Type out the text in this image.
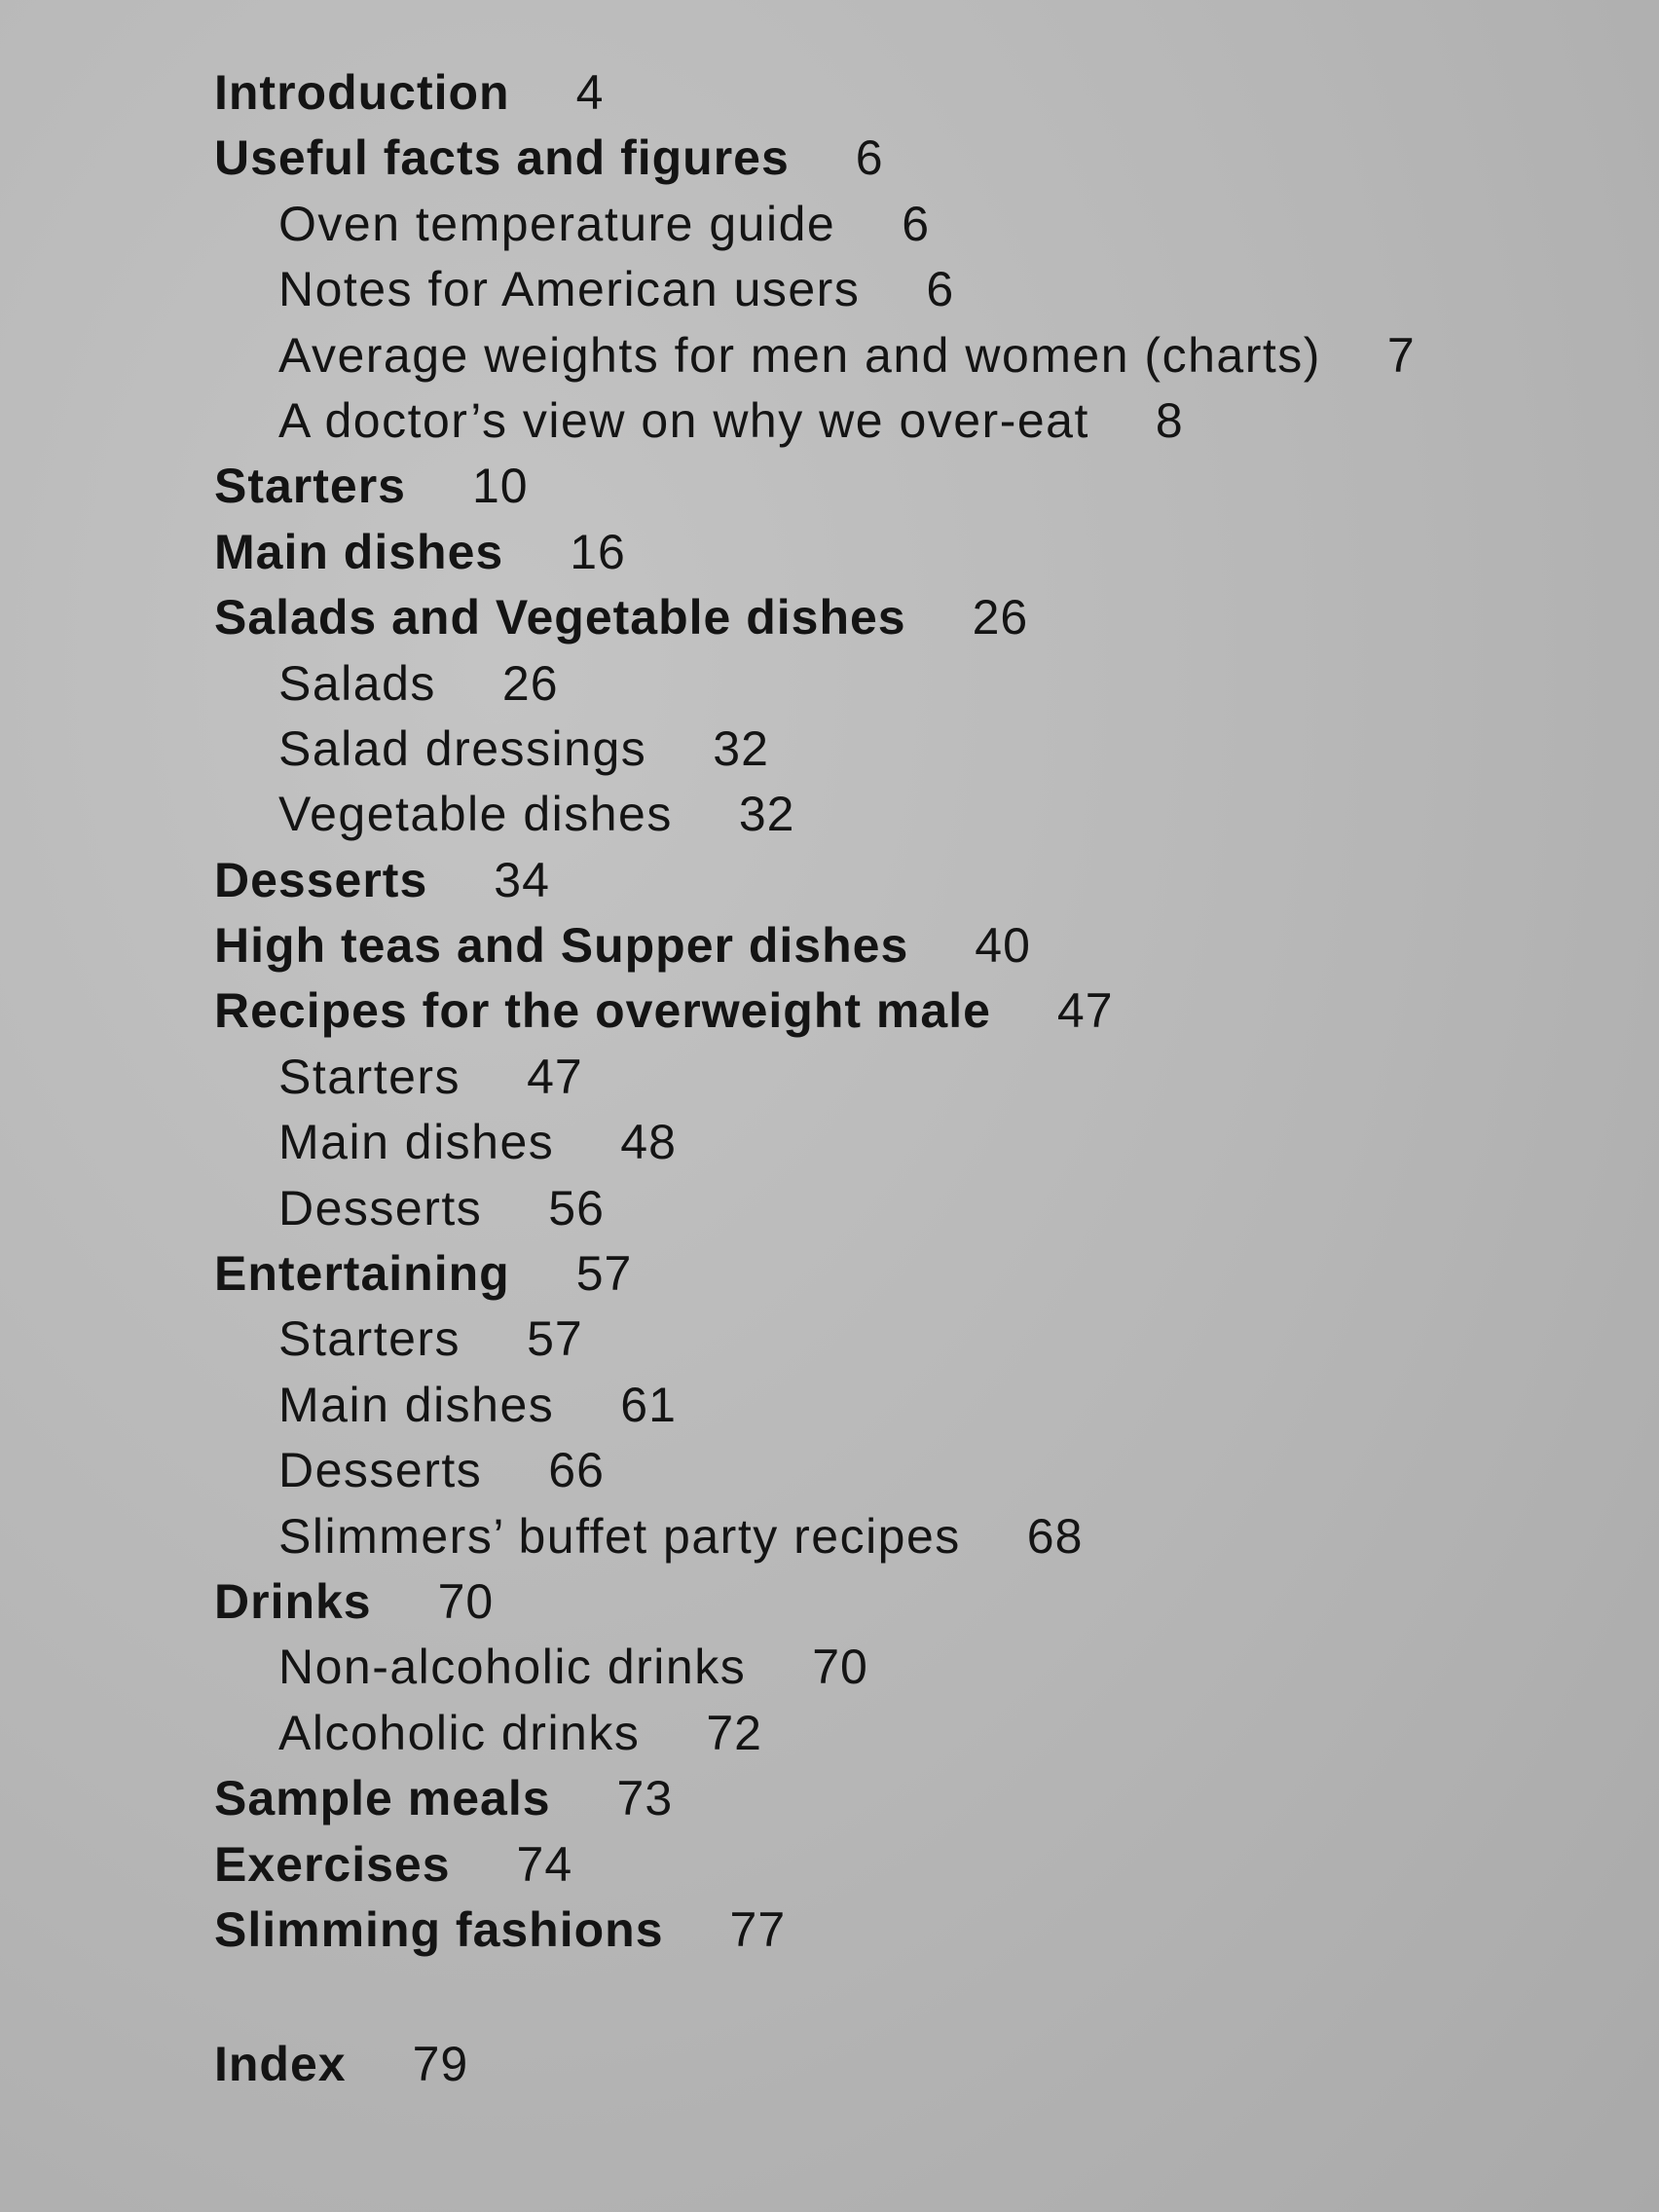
Introduction 4
Useful facts and figures 6
Oven temperature guide 6
Notes for American users 6
Average weights for men and women (charts) 7
A doctor’s view on why we over-eat 8
Starters 10
Main dishes 16
Salads and Vegetable dishes 26
Salads 26
Salad dressings 32
Vegetable dishes 32
Desserts 34
High teas and Supper dishes 40
Recipes for the overweight male 47
Starters 47
Main dishes 48
Desserts 56
Entertaining 57
Starters 57
Main dishes 61
Desserts 66
Slimmers’ buffet party recipes 68
Drinks 70
Non-alcoholic drinks 70
Alcoholic drinks 72
Sample meals 73
Exercises 74
Slimming fashions 77
Index 79
